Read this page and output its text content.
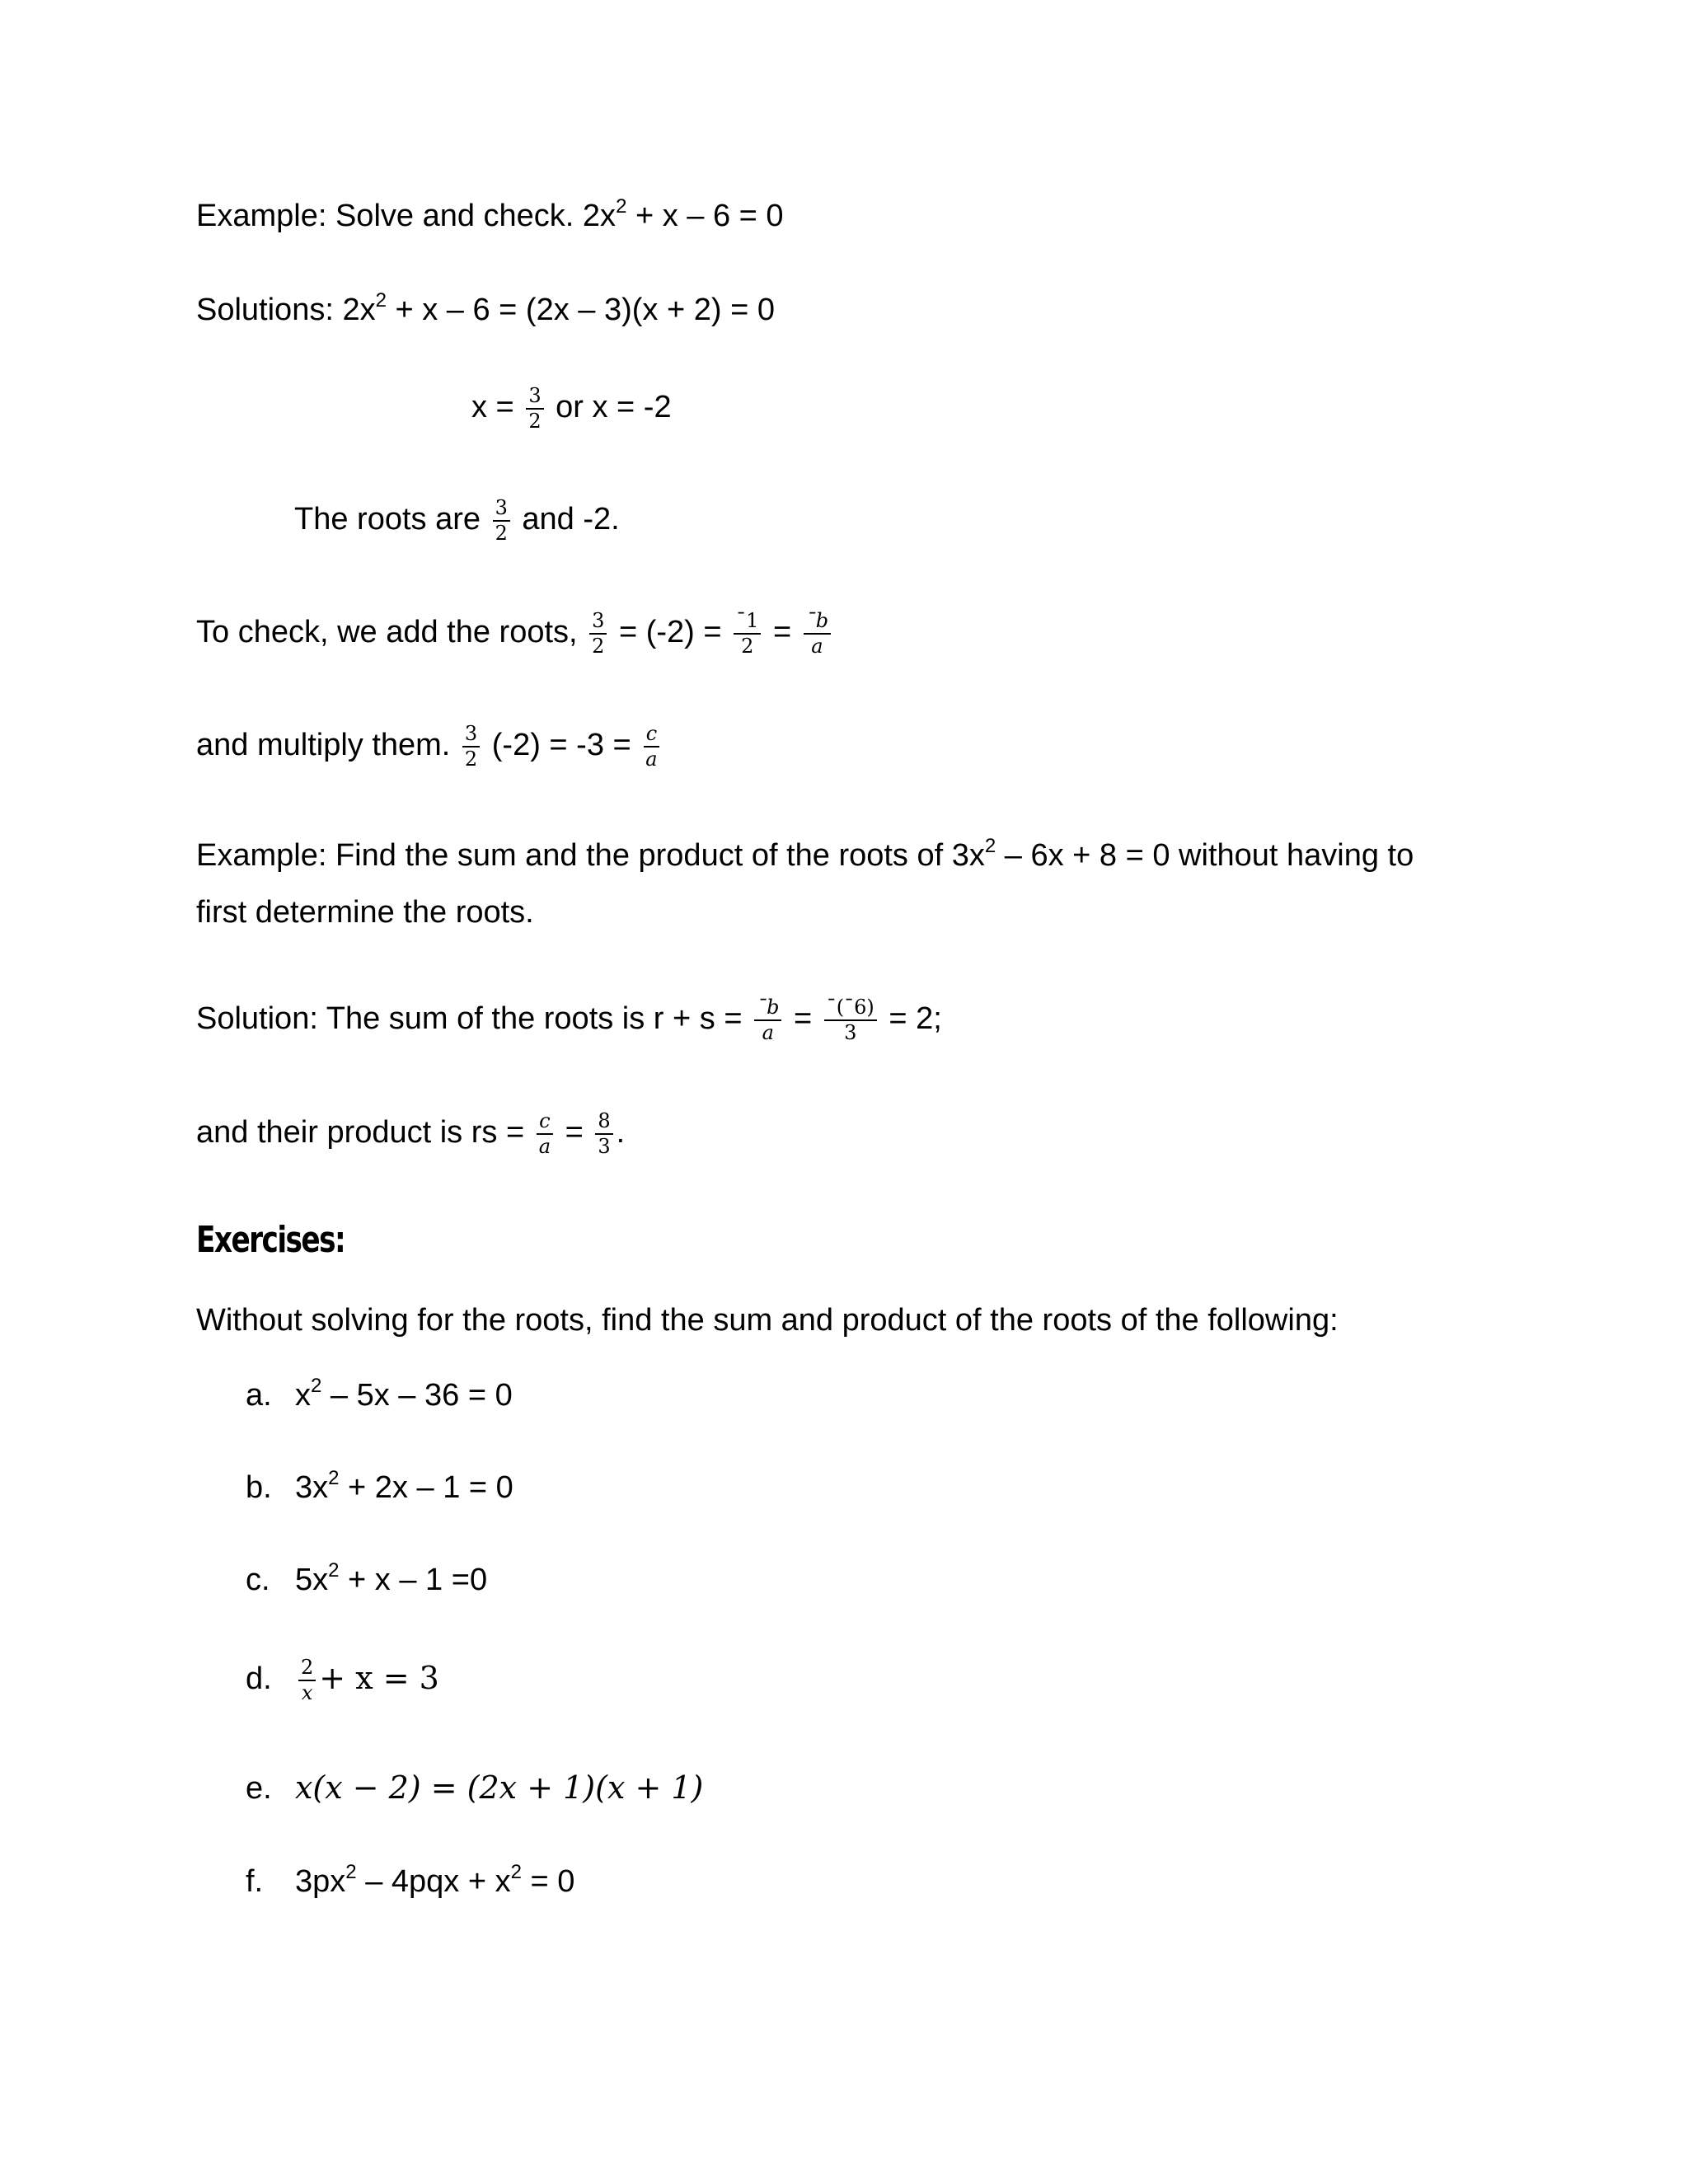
Example: Solve and check. $2x^2 + x - 6 = 0$
Solutions: $2x^2 + x - 6 = (2x - 3)(x + 2) = 0$
$x = \frac{3}{2}$ or x = -2
The roots are $\frac{3}{2}$ and -2.
To check, we add the roots, $\frac{3}{2} = (-2) = \frac{¯1}{2} = \frac{¯b}{a}$
and multiply them. $\frac{3}{2} (-2) = -3 = \frac{c}{a}$
Example: Find the sum and the product of the roots of $3x^2 - 6x + 8 = 0$ without having to
first determine the roots.
Solution: The sum of the roots is $r + s = \frac{¯b}{a} = \frac{¯(¯6)}{3} = 2$;
and their product is rs = $\frac{c}{a} = \frac{8}{3}$ .
Exercises:
Without solving for the roots, find the sum and product of the roots of the following:
a. $x^2 - 5x - 36 = 0$
b. $3x^2 + 2x - 1 = 0$
c. $5x^2 + x - 1 =0$
d. $\frac{2}{x} + x = 3$
e. x(x − 2) = (2x + 1)(x + 1)
f. $3px^2 - 4pqx + x^2 = 0$
